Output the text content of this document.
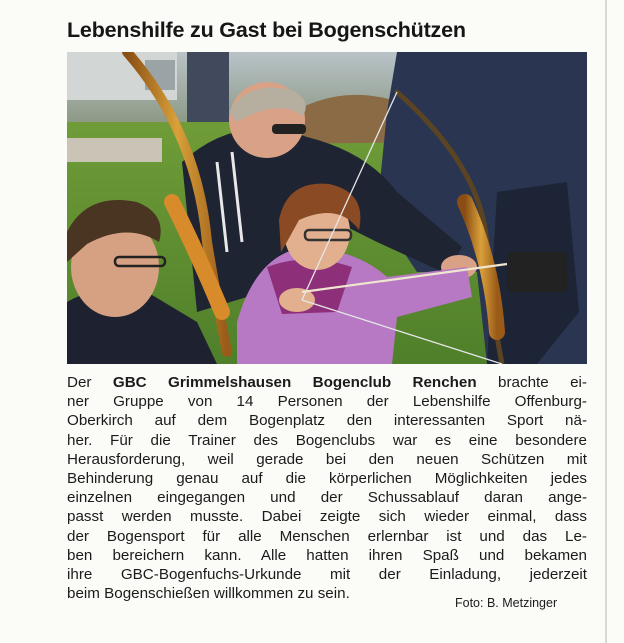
Lebenshilfe zu Gast bei Bogenschützen
Der GBC Grimmelshausen Bogenclub Renchen brachte ei-
ner Gruppe von 14 Personen der Lebenshilfe Offenburg-
Oberkirch auf dem Bogenplatz den interessanten Sport nä-
her. Für die Trainer des Bogenclubs war es eine besondere
Herausforderung, weil gerade bei den neuen Schützen mit
Behinderung genau auf die körperlichen Möglichkeiten jedes
einzelnen eingegangen und der Schussablauf daran ange-
passt werden musste. Dabei zeigte sich wieder einmal, dass
der Bogensport für alle Menschen erlernbar ist und das Le-
ben bereichern kann. Alle hatten ihren Spaß und bekamen
ihre GBC-Bogenfuchs-Urkunde mit der Einladung, jederzeit
beim Bogenschießen willkommen zu sein.
Foto: B. Metzinger
